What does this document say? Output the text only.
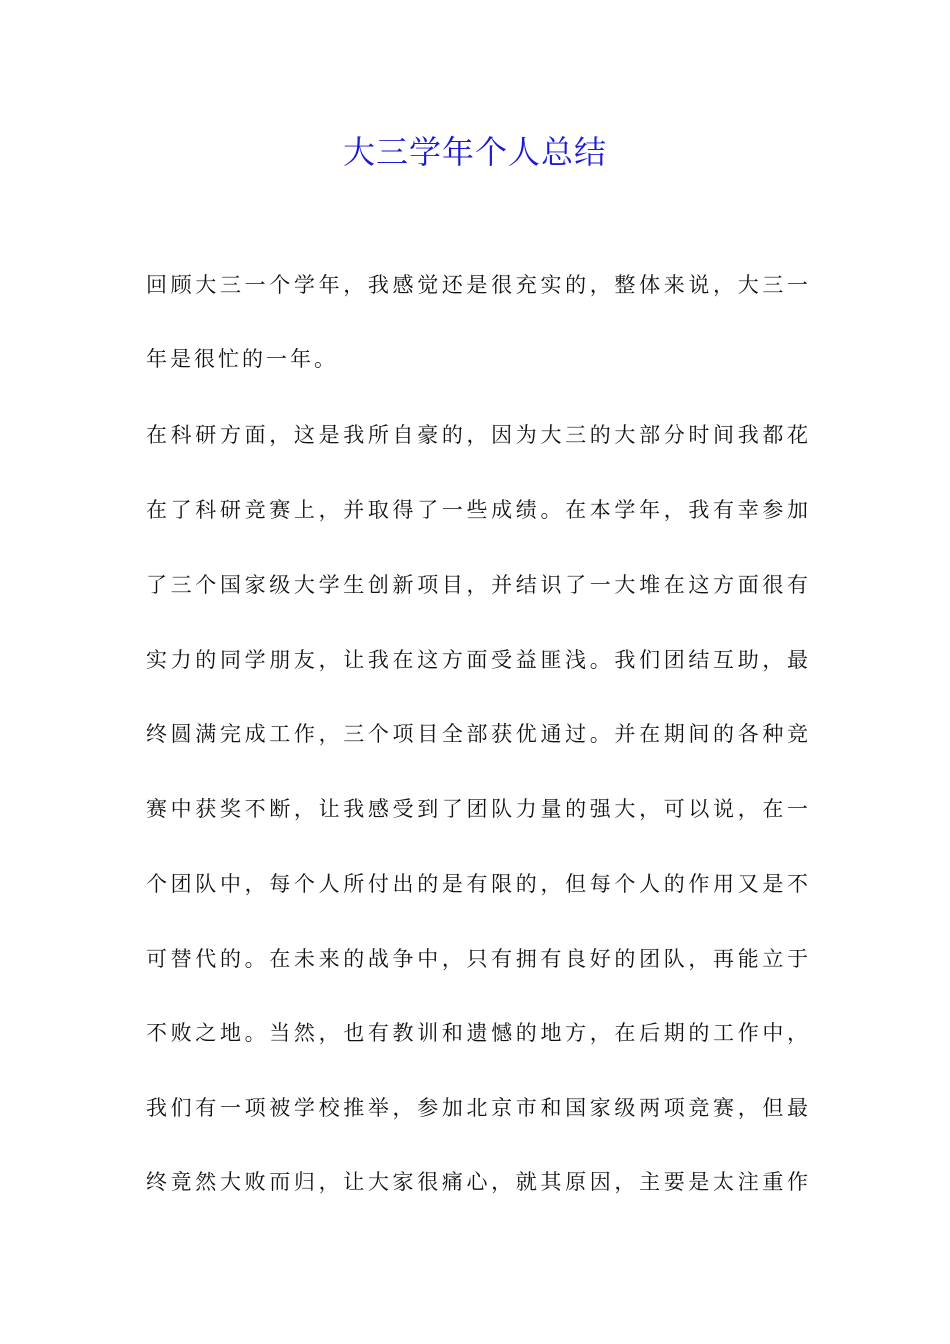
大三学年个人总结
回顾大三一个学年，我感觉还是很充实的，整体来说，大三一
年是很忙的一年。
在科研方面，这是我所自豪的，因为大三的大部分时间我都花
在了科研竞赛上，并取得了一些成绩。在本学年，我有幸参加
了三个国家级大学生创新项目，并结识了一大堆在这方面很有
实力的同学朋友，让我在这方面受益匪浅。我们团结互助，最
终圆满完成工作，三个项目全部获优通过。并在期间的各种竞
赛中获奖不断，让我感受到了团队力量的强大，可以说，在一
个团队中，每个人所付出的是有限的，但每个人的作用又是不
可替代的。在未来的战争中，只有拥有良好的团队，再能立于
不败之地。当然，也有教训和遗憾的地方，在后期的工作中，
我们有一项被学校推举，参加北京市和国家级两项竞赛，但最
终竟然大败而归，让大家很痛心，就其原因，主要是太注重作
